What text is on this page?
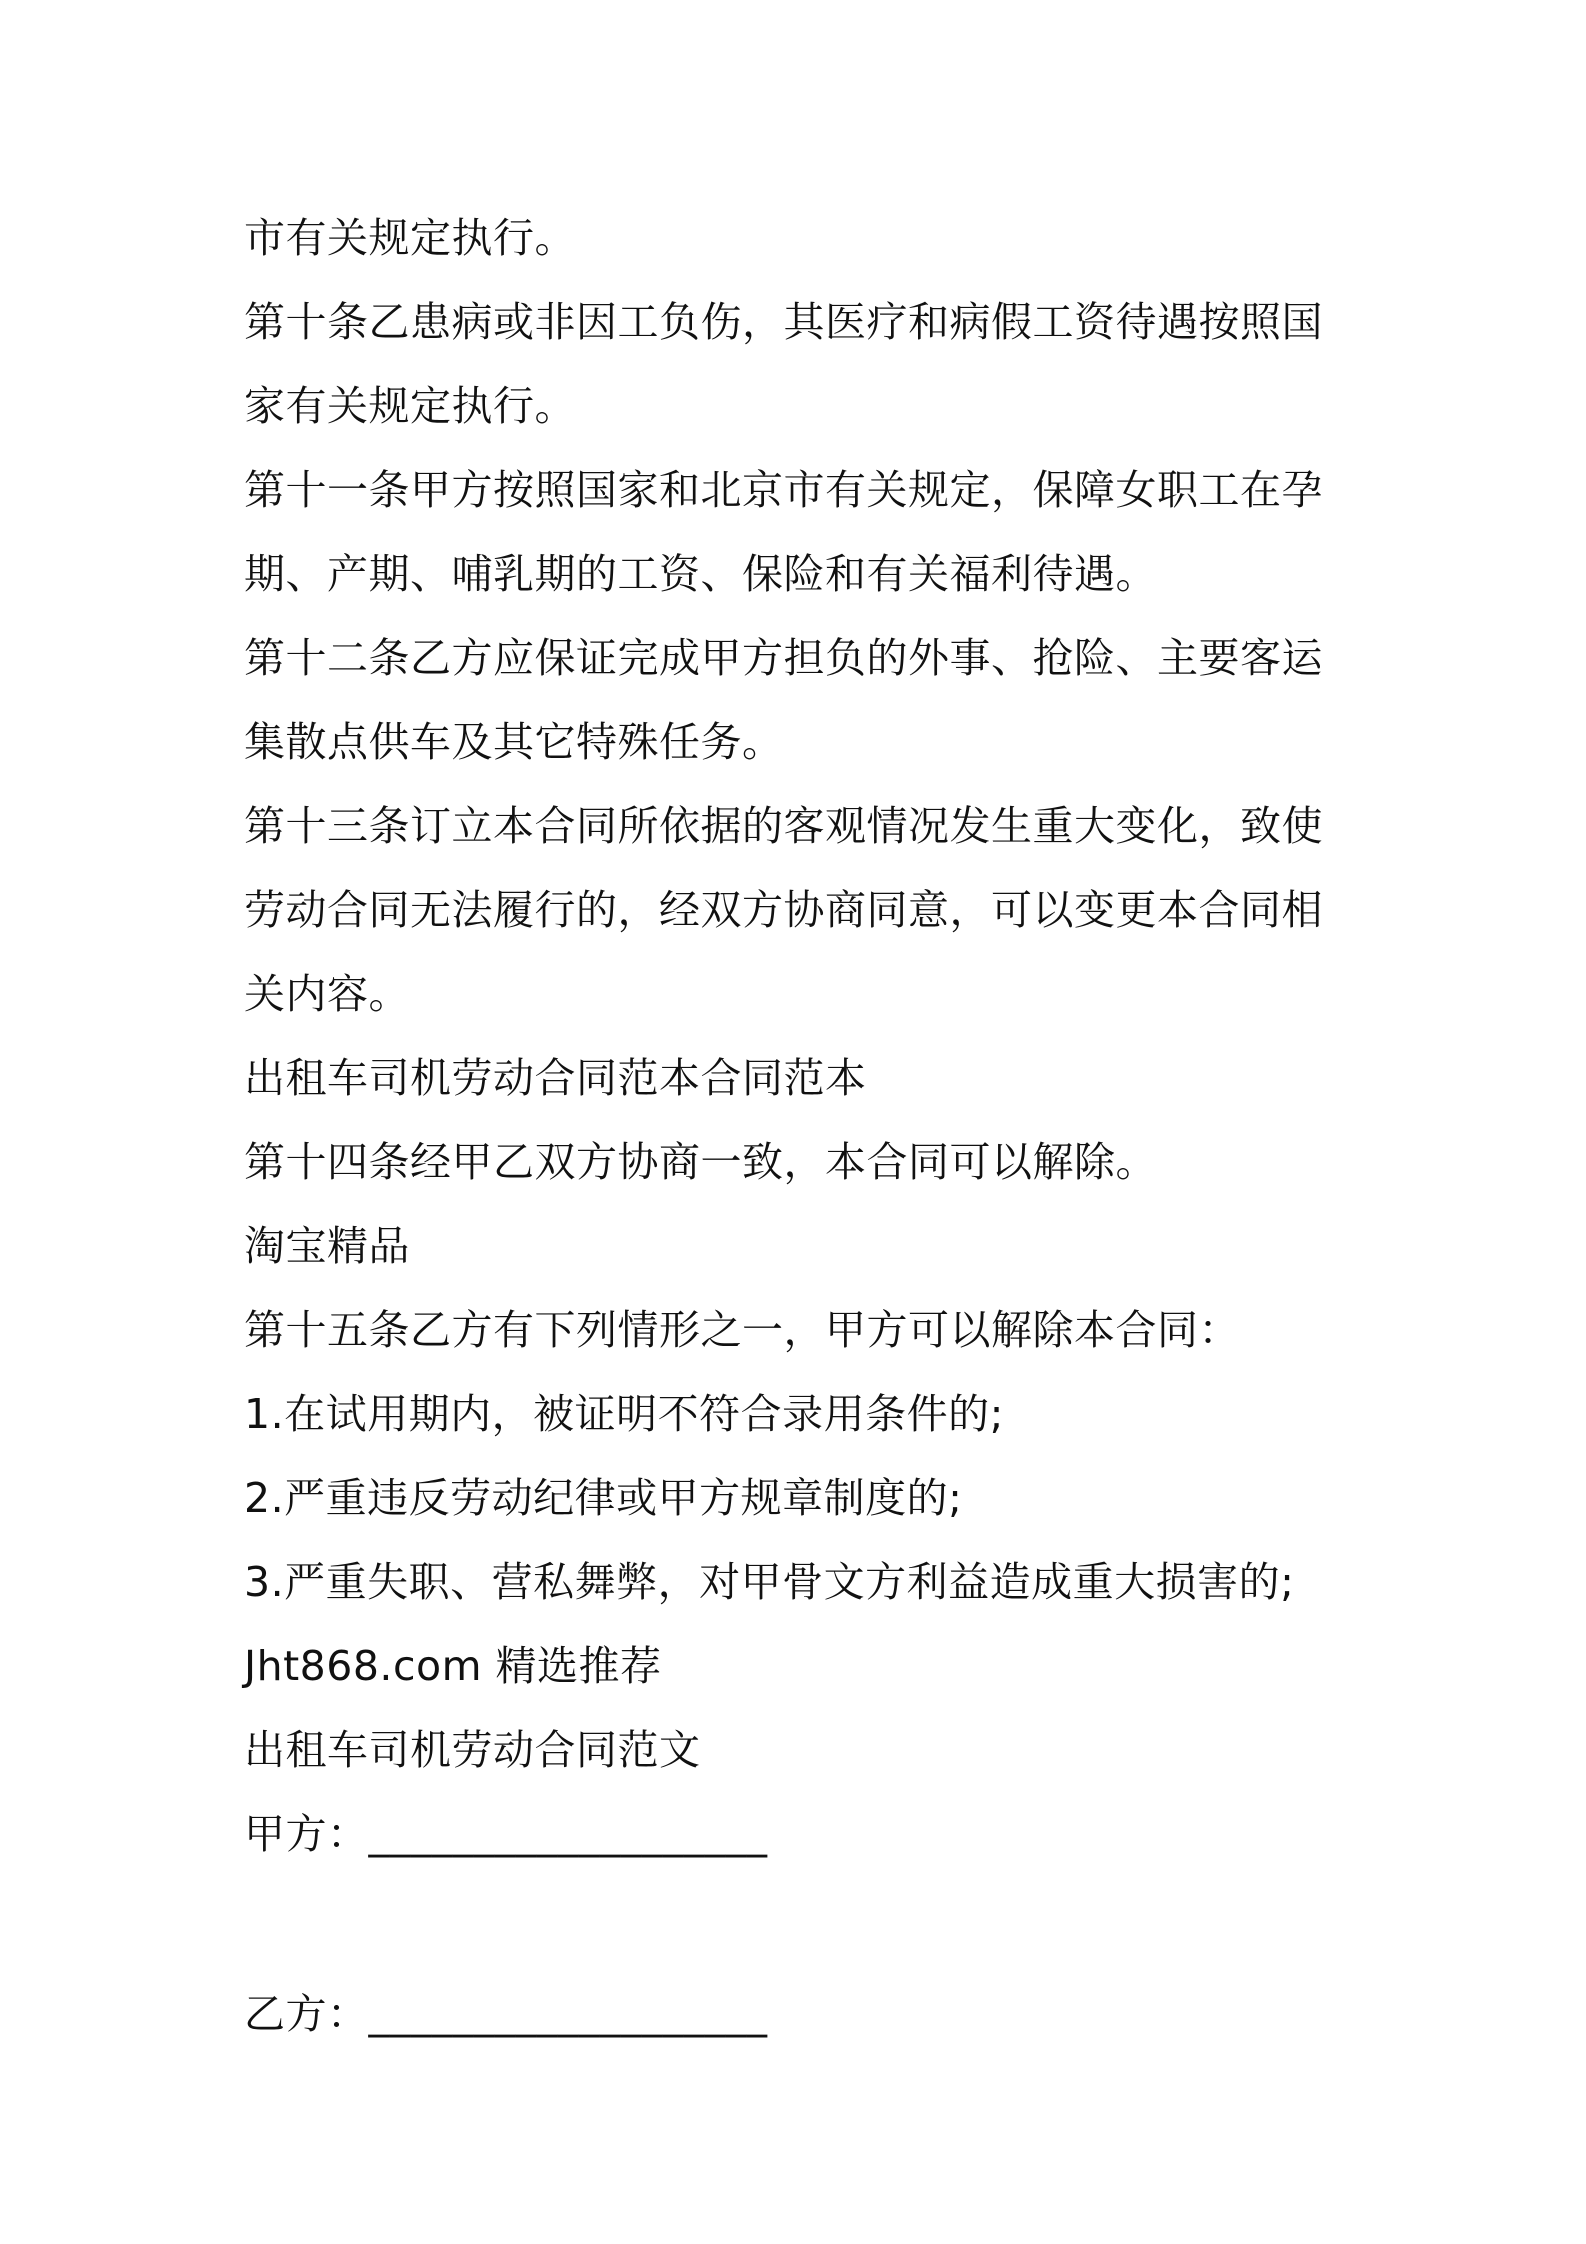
市有关规定执行。
第十条乙患病或非因工负伤，其医疗和病假工资待遇按照国
家有关规定执行。
第十一条甲方按照国家和北京市有关规定，保障女职工在孕
期、产期、哺乳期的工资、保险和有关福利待遇。
第十二条乙方应保证完成甲方担负的外事、抢险、主要客运
集散点供车及其它特殊任务。
第十三条订立本合同所依据的客观情况发生重大变化，致使
劳动合同无法履行的，经双方协商同意，可以变更本合同相
关内容。
出租车司机劳动合同范本合同范本
第十四条经甲乙双方协商一致，本合同可以解除。
淘宝精品
第十五条乙方有下列情形之一，甲方可以解除本合同：
1.在试用期内，被证明不符合录用条件的;
2.严重违反劳动纪律或甲方规章制度的;
3.严重失职、营私舞弊，对甲骨文方利益造成重大损害的;
Jht868.com 精选推荐
出租车司机劳动合同范文
甲方：___________________
乙方：___________________
